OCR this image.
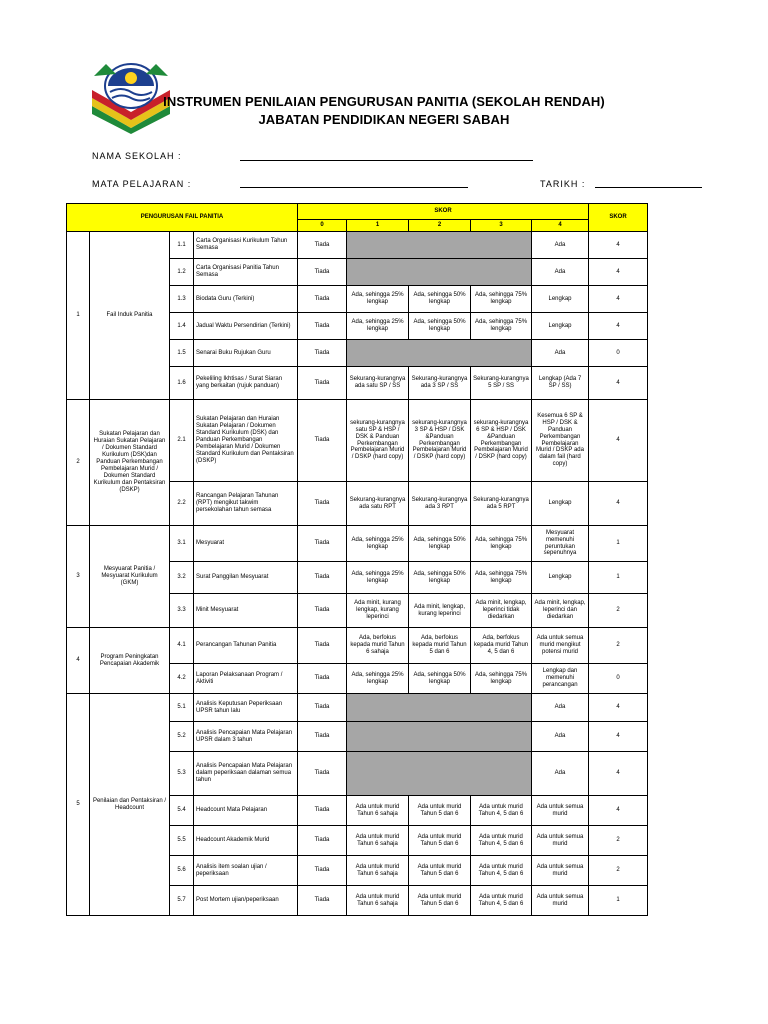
INSTRUMEN PENILAIAN PENGURUSAN PANITIA (SEKOLAH RENDAH)
JABATAN PENDIDIKAN NEGERI SABAH
NAMA SEKOLAH :
MATA PELAJARAN :	TARIKH :
PENGURUSAN FAIL PANITIA				SKOR					SKOR
				0	1	2	3	4	
1	Fail Induk Panitia	1.1	Carta Organisasi Kurikulum Tahun Semasa	Tiada				Ada	4
		1.2	Carta Organisasi Panitia Tahun Semasa	Tiada				Ada	4
		1.3	Biodata Guru (Terkini)	Tiada	Ada, sehingga 25% lengkap	Ada, sehingga 50% lengkap	Ada, sehingga 75% lengkap	Lengkap	4
		1.4	Jadual Waktu Persendirian (Terkini)	Tiada	Ada, sehingga 25% lengkap	Ada, sehingga 50% lengkap	Ada, sehingga 75% lengkap	Lengkap	4
		1.5	Senarai Buku Rujukan Guru	Tiada				Ada	0
		1.6	Pekeliling Ikhtisas / Surat Siaran yang berkaitan (rujuk panduan)	Tiada	Sekurang-kurangnya ada satu SP / SS	Sekurang-kurangnya ada 3 SP / SS	Sekurang-kurangnya 5 SP / SS	Lengkap (Ada 7 SP / SS)	4
2	Sukatan Pelajaran dan Huraian Sukatan Pelajaran / Dokumen Standard Kurikulum (DSK)dan Panduan Perkembangan Pembelajaran Murid / Dokumen Standard Kurikulum dan Pentaksiran (DSKP)	2.1	Sukatan Pelajaran dan Huraian Sukatan Pelajaran / Dokumen Standard Kurikulum (DSK) dan Panduan Perkembangan Pembelajaran Murid / Dokumen Standard Kurikulum dan Pentaksiran (DSKP)	Tiada	sekurang-kurangnya satu SP & HSP / DSK & Panduan Perkembangan Pembelajaran Murid / DSKP (hard copy)	sekurang-kurangnya 3 SP & HSP / DSK &Panduan Perkembangan Pembelajaran Murid / DSKP (hard copy)	sekurang-kurangnya 6 SP & HSP / DSK &Panduan Perkembangan Pembelajaran Murid / DSKP (hard copy)	Kesemua 6 SP & HSP / DSK & Panduan Perkembangan Pembelajaran Murid / DSKP ada dalam fail (hard copy)	4
		2.2	Rancangan Pelajaran Tahunan (RPT) mengikut takwim persekolahan tahun semasa	Tiada	Sekurang-kurangnya ada satu RPT	Sekurang-kurangnya ada 3 RPT	Sekurang-kurangnya ada 5 RPT	Lengkap	4
3	Mesyuarat Panitia / Mesyuarat Kurikulum (GKM)	3.1	Mesyuarat	Tiada	Ada, sehingga 25% lengkap	Ada, sehingga 50% lengkap	Ada, sehingga 75% lengkap	Mesyuarat memenuhi peruntukan sepenuhnya	1
		3.2	Surat Panggilan Mesyuarat	Tiada	Ada, sehingga 25% lengkap	Ada, sehingga 50% lengkap	Ada, sehingga 75% lengkap	Lengkap	1
		3.3	Minit Mesyuarat	Tiada	Ada minit, kurang lengkap, kurang leperinci	Ada minit, lengkap, kurang leperinci	Ada minit, lengkap, leperinci tidak diedarkan	Ada minit, lengkap, leperinci dan diedarkan	2
4	Program Peningkatan Pencapaian Akademik	4.1	Perancangan Tahunan Panitia	Tiada	Ada, berfokus kepada murid Tahun 6 sahaja	Ada, berfokus kepada murid Tahun 5 dan 6	Ada, berfokus kepada murid Tahun 4, 5 dan 6	Ada untuk semua murid mengikut potensi murid	2
		4.2	Laporan Pelaksanaan Program / Aktiviti	Tiada	Ada, sehingga 25% lengkap	Ada, sehingga 50% lengkap	Ada, sehingga 75% lengkap	Lengkap dan memenuhi perancangan	0
5	Penilaian dan Pentaksiran / Headcount	5.1	Analisis Keputusan Peperiksaan UPSR tahun lalu	Tiada				Ada	4
		5.2	Analisis Pencapaian Mata Pelajaran UPSR dalam 3 tahun	Tiada				Ada	4
		5.3	Analisis Pencapaian Mata Pelajaran dalam peperiksaan dalaman semua tahun	Tiada				Ada	4
		5.4	Headcount Mata Pelajaran	Tiada	Ada untuk murid Tahun 6 sahaja	Ada untuk murid Tahun 5 dan 6	Ada untuk murid Tahun 4, 5 dan 6	Ada untuk semua murid	4
		5.5	Headcount Akademik Murid	Tiada	Ada untuk murid Tahun 6 sahaja	Ada untuk murid Tahun 5 dan 6	Ada untuk murid Tahun 4, 5 dan 6	Ada untuk semua murid	2
		5.6	Analisis item soalan ujian / peperiksaan	Tiada	Ada untuk murid Tahun 6 sahaja	Ada untuk murid Tahun 5 dan 6	Ada untuk murid Tahun 4, 5 dan 6	Ada untuk semua murid	2
		5.7	Post Mortem ujian/peperiksaan	Tiada	Ada untuk murid Tahun 6 sahaja	Ada untuk murid Tahun 5 dan 6	Ada untuk murid Tahun 4, 5 dan 6	Ada untuk semua murid	1
